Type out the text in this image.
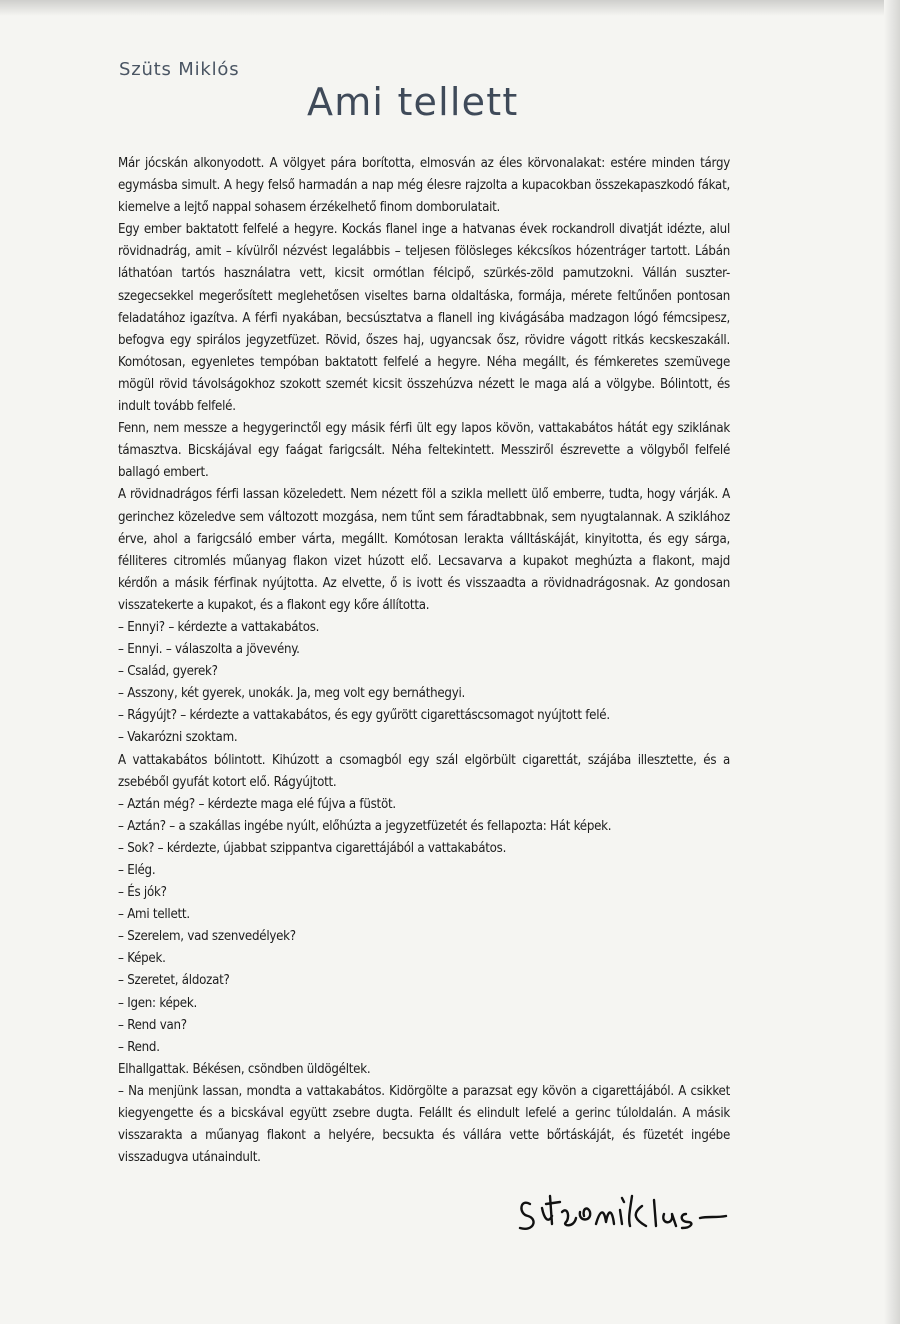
Szüts Miklós
Ami tellett

Már jócskán alkonyodott. A völgyet pára borította, elmosván az éles körvonalakat: estére minden tárgy egymásba simult. A hegy felső harmadán a nap még élesre rajzolta a kupacokban összekapaszkodó fákat, kiemelve a lejtő nappal sohasem érzékelhető finom domborulatait.

Egy ember baktatott felfelé a hegyre. Kockás flanel inge a hatvanas évek rockandroll divatját idézte, alul rövidnadrág, amit – kívülről nézvést legalábbis – teljesen fölösleges kékcsíkos hózentráger tartott. Lábán láthatóan tartós használatra vett, kicsit ormótlan félcipő, szürkés-zöld pamutzokni. Vállán suszter-szegecsekkel megerősített meglehetősen viseltes barna oldaltáska, formája, mérete feltűnően pontosan feladatához igazítva. A férfi nyakában, becsúsztatva a flanell ing kivágásába madzagon lógó fémcsipesz, befogva egy spirálos jegyzetfüzet. Rövid, őszes haj, ugyancsak ősz, rövidre vágott ritkás kecskeszakáll. Komótosan, egyenletes tempóban baktatott felfelé a hegyre. Néha megállt, és fémkeretes szemüvege mögül rövid távolságokhoz szokott szemét kicsit összehúzva nézett le maga alá a völgybe. Bólintott, és indult tovább felfelé.

Fenn, nem messze a hegygerinctől egy másik férfi ült egy lapos kövön, vattakabátos hátát egy sziklának támasztva. Bicskájával egy faágat farigcsált. Néha feltekintett. Messziről észrevette a völgyből felfelé ballagó embert.

A rövidnadrágos férfi lassan közeledett. Nem nézett föl a szikla mellett ülő emberre, tudta, hogy várják. A gerinchez közeledve sem változott mozgása, nem tűnt sem fáradtabbnak, sem nyugtalannak. A sziklához érve, ahol a farigcsáló ember várta, megállt. Komótosan lerakta válltáskáját, kinyitotta, és egy sárga, félliteres citromlés műanyag flakon vizet húzott elő. Lecsavarva a kupakot meghúzta a flakont, majd kérdőn a másik férfinak nyújtotta. Az elvette, ő is ivott és visszaadta a rövidnadrágosnak. Az gondosan visszatekerte a kupakot, és a flakont egy kőre állította.

– Ennyi? – kérdezte a vattakabátos.

– Ennyi. – válaszolta a jövevény.

– Család, gyerek?

– Asszony, két gyerek, unokák. Ja, meg volt egy bernáthegyi.

– Rágyújt? – kérdezte a vattakabátos, és egy gyűrött cigarettáscsomagot nyújtott felé.

– Vakarózni szoktam.

A vattakabátos bólintott. Kihúzott a csomagból egy szál elgörbült cigarettát, szájába illesztette, és a zsebéből gyufát kotort elő. Rágyújtott.

– Aztán még? – kérdezte maga elé fújva a füstöt.

– Aztán? – a szakállas ingébe nyúlt, előhúzta a jegyzetfüzetét és fellapozta: Hát képek.

– Sok? – kérdezte, újabbat szippantva cigarettájából a vattakabátos.

– Elég.

– És jók?

– Ami tellett.

– Szerelem, vad szenvedélyek?

– Képek.

– Szeretet, áldozat?

– Igen: képek.

– Rend van?

– Rend.

Elhallgattak. Békésen, csöndben üldögéltek.

– Na menjünk lassan, mondta a vattakabátos. Kidörgölte a parazsat egy kövön a cigarettájából. A csikket kiegyengette és a bicskával együtt zsebre dugta. Felállt és elindult lefelé a gerinc túloldalán. A másik visszarakta a műanyag flakont a helyére, becsukta és vállára vette bőrtáskáját, és füzetét ingébe visszadugva utánaindult.
